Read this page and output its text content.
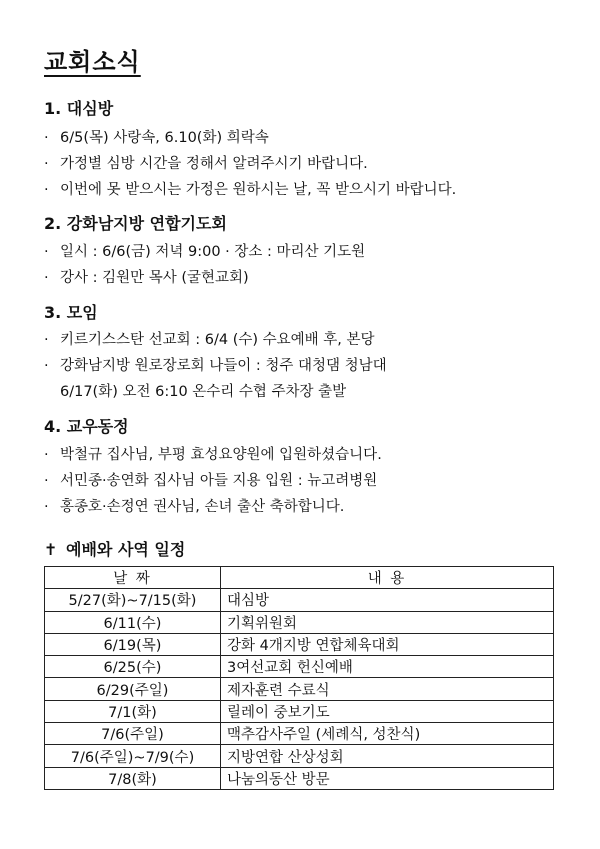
교회소식
1. 대심방
· 6/5(목) 사랑속, 6.10(화) 희락속
· 가정별 심방 시간을 정해서 알려주시기 바랍니다.
· 이번에 못 받으시는 가정은 원하시는 날, 꼭 받으시기 바랍니다.
2. 강화남지방 연합기도회
· 일시 : 6/6(금) 저녁 9:00 · 장소 : 마리산 기도원
· 강사 : 김원만 목사 (굴현교회)
3. 모임
· 키르기스스탄 선교회 : 6/4 (수) 수요예배 후, 본당
· 강화남지방 원로장로회 나들이 : 청주 대청댐 청남대
6/17(화) 오전 6:10 온수리 수협 주차장 출발
4. 교우동정
· 박철규 집사님, 부평 효성요양원에 입원하셨습니다.
· 서민종·송연화 집사님 아들 지용 입원 : 뉴고려병원
· 홍종호·손정연 권사님, 손녀 출산 축하합니다.
✝ 예배와 사역 일정
날 짜	내 용
5/27(화)~7/15(화)	대심방
6/11(수)	기획위원회
6/19(목)	강화 4개지방 연합체육대회
6/25(수)	3여선교회 헌신예배
6/29(주일)	제자훈련 수료식
7/1(화)	릴레이 중보기도
7/6(주일)	맥추감사주일 (세례식, 성찬식)
7/6(주일)~7/9(수)	지방연합 산상성회
7/8(화)	나눔의동산 방문
